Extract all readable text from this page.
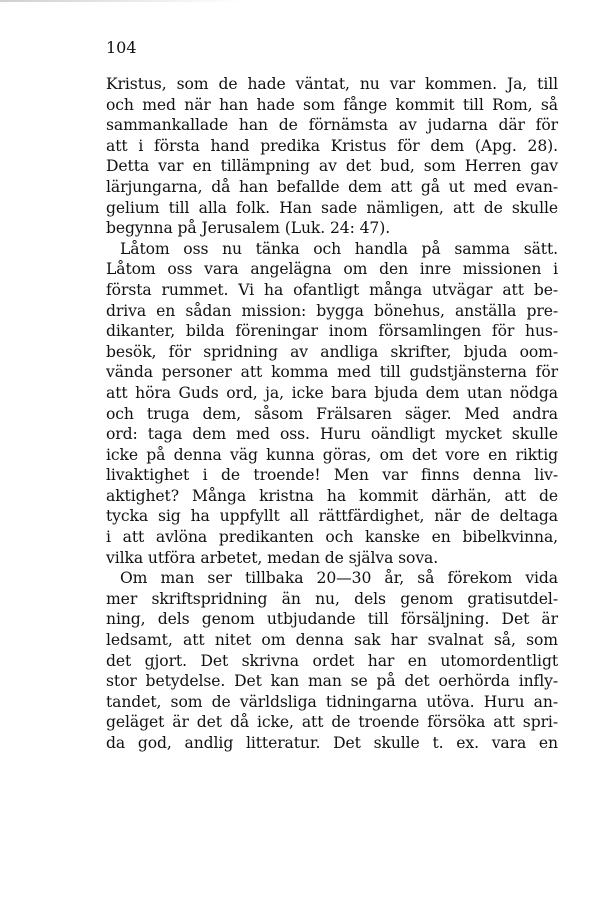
104

Kristus, som de hade väntat, nu var kommen. Ja, till
och med när han hade som fånge kommit till Rom, så
sammankallade han de förnämsta av judarna där för
att i första hand predika Kristus för dem (Apg. 28).
Detta var en tillämpning av det bud, som Herren gav
lärjungarna, då han befallde dem att gå ut med evan-
gelium till alla folk. Han sade nämligen, att de skulle
begynna på Jerusalem (Luk. 24: 47).
Låtom oss nu tänka och handla på samma sätt.
Låtom oss vara angelägna om den inre missionen i
första rummet. Vi ha ofantligt många utvägar att be-
driva en sådan mission: bygga bönehus, anställa pre-
dikanter, bilda föreningar inom församlingen för hus-
besök, för spridning av andliga skrifter, bjuda oom-
vända personer att komma med till gudstjänsterna för
att höra Guds ord, ja, icke bara bjuda dem utan nödga
och truga dem, såsom Frälsaren säger. Med andra
ord: taga dem med oss. Huru oändligt mycket skulle
icke på denna väg kunna göras, om det vore en riktig
livaktighet i de troende! Men var finns denna liv-
aktighet? Många kristna ha kommit därhän, att de
tycka sig ha uppfyllt all rättfärdighet, när de deltaga
i att avlöna predikanten och kanske en bibelkvinna,
vilka utföra arbetet, medan de själva sova.
Om man ser tillbaka 20—30 år, så förekom vida
mer skriftspridning än nu, dels genom gratisutdel-
ning, dels genom utbjudande till försäljning. Det är
ledsamt, att nitet om denna sak har svalnat så, som
det gjort. Det skrivna ordet har en utomordentligt
stor betydelse. Det kan man se på det oerhörda infly-
tandet, som de världsliga tidningarna utöva. Huru an-
geläget är det då icke, att de troende försöka att spri-
da god, andlig litteratur. Det skulle t. ex. vara en
